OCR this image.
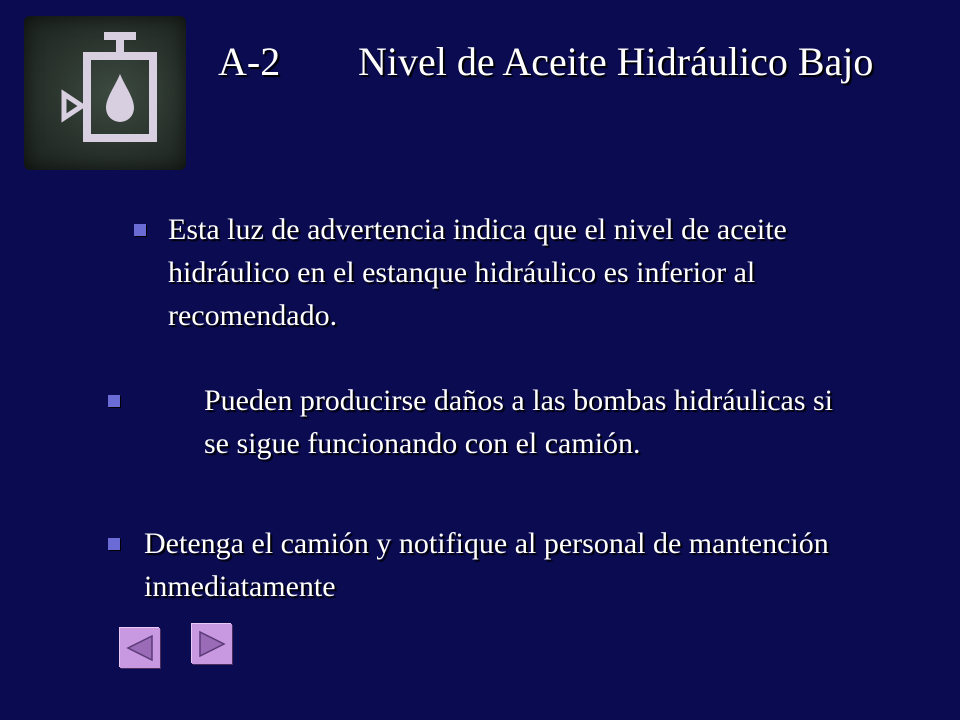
A-2 Nivel de Aceite Hidráulico Bajo
Esta luz de advertencia indica que el nivel de aceite hidráulico en el estanque hidráulico es inferior al recomendado.
Pueden producirse daños a las bombas hidráulicas si se sigue funcionando con el camión.
Detenga el camión y notifique al personal de mantención inmediatamente
